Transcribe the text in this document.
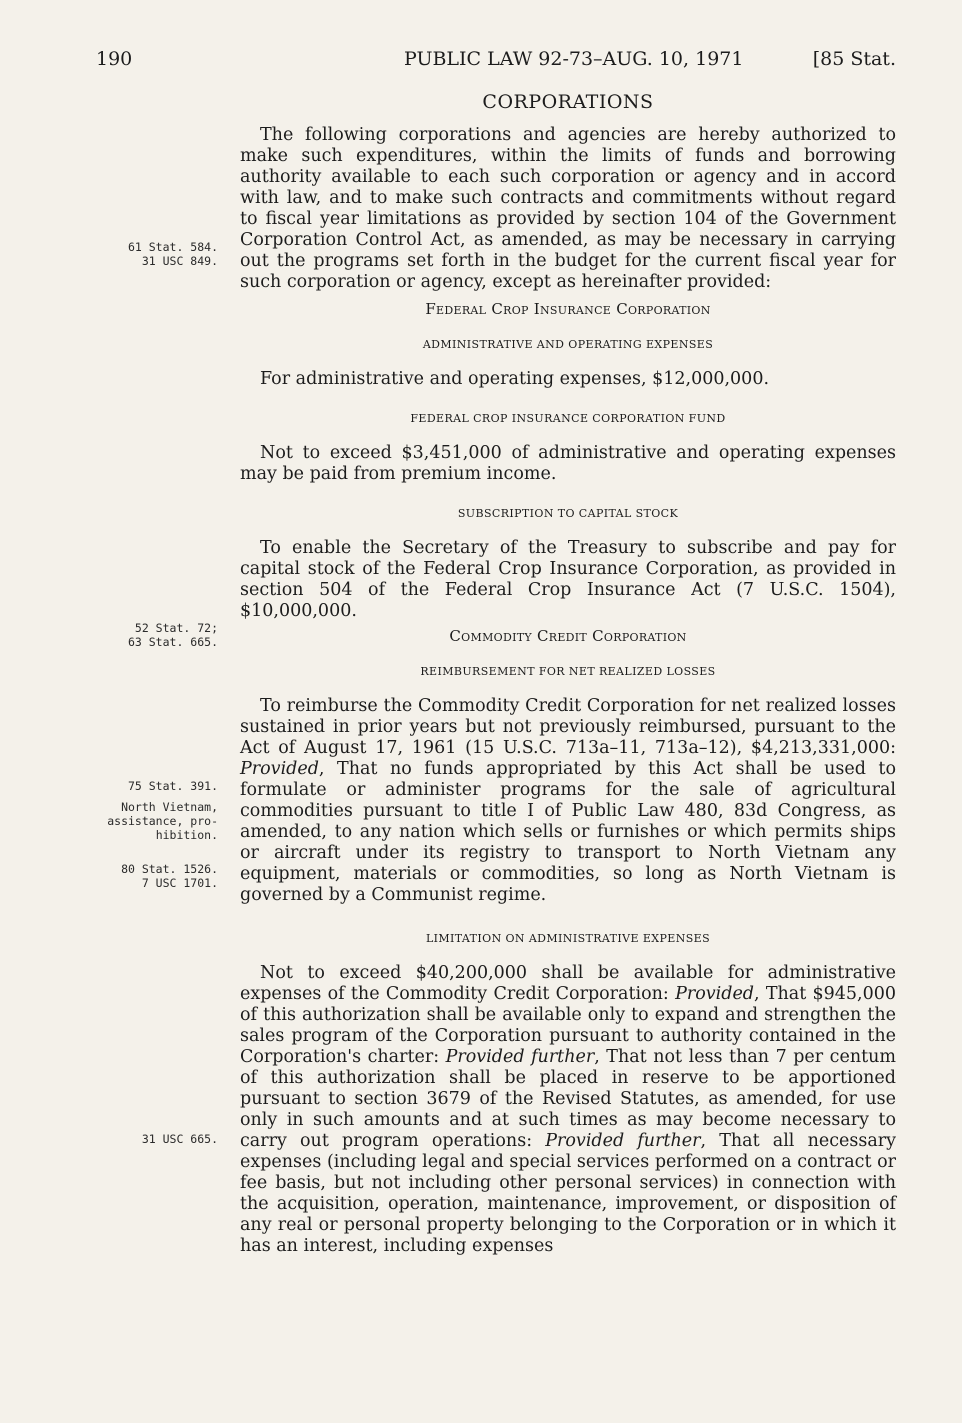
190	PUBLIC LAW 92-73–AUG. 10, 1971	[85 Stat.
61 Stat. 584.
31 USC 849.
52 Stat. 72;
63 Stat. 665.
75 Stat. 391.
North Vietnam,
assistance, pro-
hibition.
80 Stat. 1526.
7 USC 1701.
31 USC 665.
CORPORATIONS

The following corporations and agencies are hereby authorized to make such expenditures, within the limits of funds and borrowing authority available to each such corporation or agency and in accord with law, and to make such contracts and commitments without regard to fiscal year limitations as provided by section 104 of the Government Corporation Control Act, as amended, as may be necessary in carrying out the programs set forth in the budget for the current fiscal year for such corporation or agency, except as hereinafter provided:

Federal Crop Insurance Corporation
ADMINISTRATIVE AND OPERATING EXPENSES

For administrative and operating expenses, $12,000,000.

FEDERAL CROP INSURANCE CORPORATION FUND

Not to exceed $3,451,000 of administrative and operating expenses may be paid from premium income.

SUBSCRIPTION TO CAPITAL STOCK

To enable the Secretary of the Treasury to subscribe and pay for capital stock of the Federal Crop Insurance Corporation, as provided in section 504 of the Federal Crop Insurance Act (7 U.S.C. 1504), $10,000,000.

Commodity Credit Corporation
REIMBURSEMENT FOR NET REALIZED LOSSES

To reimburse the Commodity Credit Corporation for net realized losses sustained in prior years but not previously reimbursed, pursuant to the Act of August 17, 1961 (15 U.S.C. 713a–11, 713a–12), $4,213,331,000: Provided, That no funds appropriated by this Act shall be used to formulate or administer programs for the sale of agricultural commodities pursuant to title I of Public Law 480, 83d Congress, as amended, to any nation which sells or furnishes or which permits ships or aircraft under its registry to transport to North Vietnam any equipment, materials or commodities, so long as North Vietnam is governed by a Communist regime.

LIMITATION ON ADMINISTRATIVE EXPENSES

Not to exceed $40,200,000 shall be available for administrative expenses of the Commodity Credit Corporation: Provided, That $945,000 of this authorization shall be available only to expand and strengthen the sales program of the Corporation pursuant to authority contained in the Corporation's charter: Provided further, That not less than 7 per centum of this authorization shall be placed in reserve to be apportioned pursuant to section 3679 of the Revised Statutes, as amended, for use only in such amounts and at such times as may become necessary to carry out program operations: Provided further, That all necessary expenses (including legal and special services performed on a contract or fee basis, but not including other personal services) in connection with the acquisition, operation, maintenance, improvement, or disposition of any real or personal property belonging to the Corporation or in which it has an interest, including expenses
